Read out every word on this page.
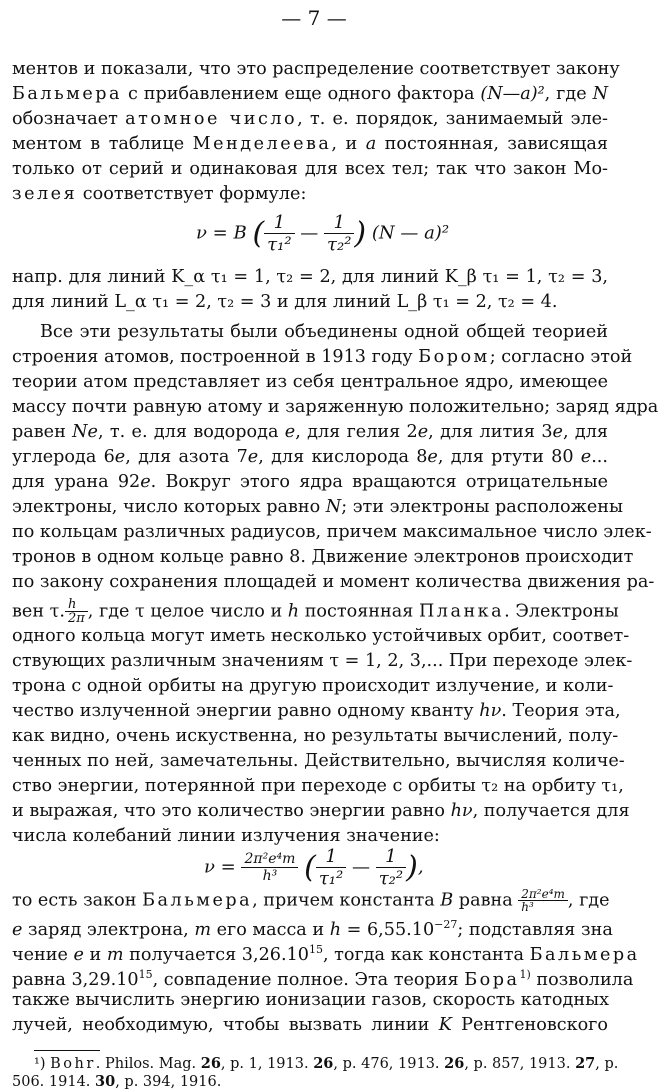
— 7 —
ментов и показали, что это распределение соответствует закону
Бальмера с прибавлением еще одного фактора (N—a)², где N
обозначает атомное число, т. е. порядок, занимаемый эле-
ментом в таблице Менделеева, и a постоянная, зависящая
только от серий и одинаковая для всех тел; так что закон Мо-
зелея соответствует формуле:
ν = B ( $\frac{1}{\text{τ₁²}}$ — $\frac{1}{\text{τ₂²}}$ ) (N — a)²
напр. для линий K_α τ₁ = 1, τ₂ = 2, для линий K_β τ₁ = 1, τ₂ = 3,
для линий L_α τ₁ = 2, τ₂ = 3 и для линий L_β τ₁ = 2, τ₂ = 4.
Все эти результаты были объединены одной общей теорией
строения атомов, построенной в 1913 году Бором; согласно этой
теории атом представляет из себя центральное ядро, имеющее
массу почти равную атому и заряженную положительно; заряд ядра
равен Ne, т. е. для водорода e, для гелия 2e, для лития 3e, для
углерода 6e, для азота 7e, для кислорода 8e, для ртути 80 e...
для урана 92e. Вокруг этого ядра вращаются отрицательные
электроны, число которых равно N; эти электроны расположены
по кольцам различных радиусов, причем максимальное число элек-
тронов в одном кольце равно 8. Движение электронов происходит
по закону сохранения площадей и момент количества движения ра-
вен τ. $\frac{h}{2\pi}$ , где τ целое число и h постоянная Планка. Электроны
одного кольца могут иметь несколько устойчивых орбит, соответ-
ствующих различным значениям τ = 1, 2, 3,... При переходе элек-
трона с одной орбиты на другую происходит излучение, и коли-
чество излученной энергии равно одному кванту hν. Теория эта,
как видно, очень искуственна, но результаты вычислений, полу-
ченных по ней, замечательны. Действительно, вычисляя количе-
ство энергии, потерянной при переходе с орбиты τ₂ на орбиту τ₁,
и выражая, что это количество энергии равно hν, получается для
числа колебаний линии излучения значение:
$\nu = \frac{\text{2π²e⁴m}}{\text{h³}}$ ( $\frac{1}{\text{τ₁²}}$ — $\frac{1}{\text{τ₂²}}$ ),
то есть закон Бальмера, причем константа B равна $\frac{\text{2π²e⁴m}}{\text{h³}}$ , где
e заряд электрона, m его масса и $h = 6,55.10^{-27}$; подставляя зна
чение e и m получается 3,26.10$^{15}$, тогда как константа Бальмера
равна 3,29.10$^{15}$, совпадение полное. Эта теория Бора$^{1)}$ позволила
также вычислить энергию ионизации газов, скорость катодных
лучей, необходимую, чтобы вызвать линии K Рентгеновского
¹) Bohr. Philos. Mag. 26, p. 1, 1913. 26, p. 476, 1913. 26, p. 857, 1913. 27, p.
506. 1914. 30, p. 394, 1916.
